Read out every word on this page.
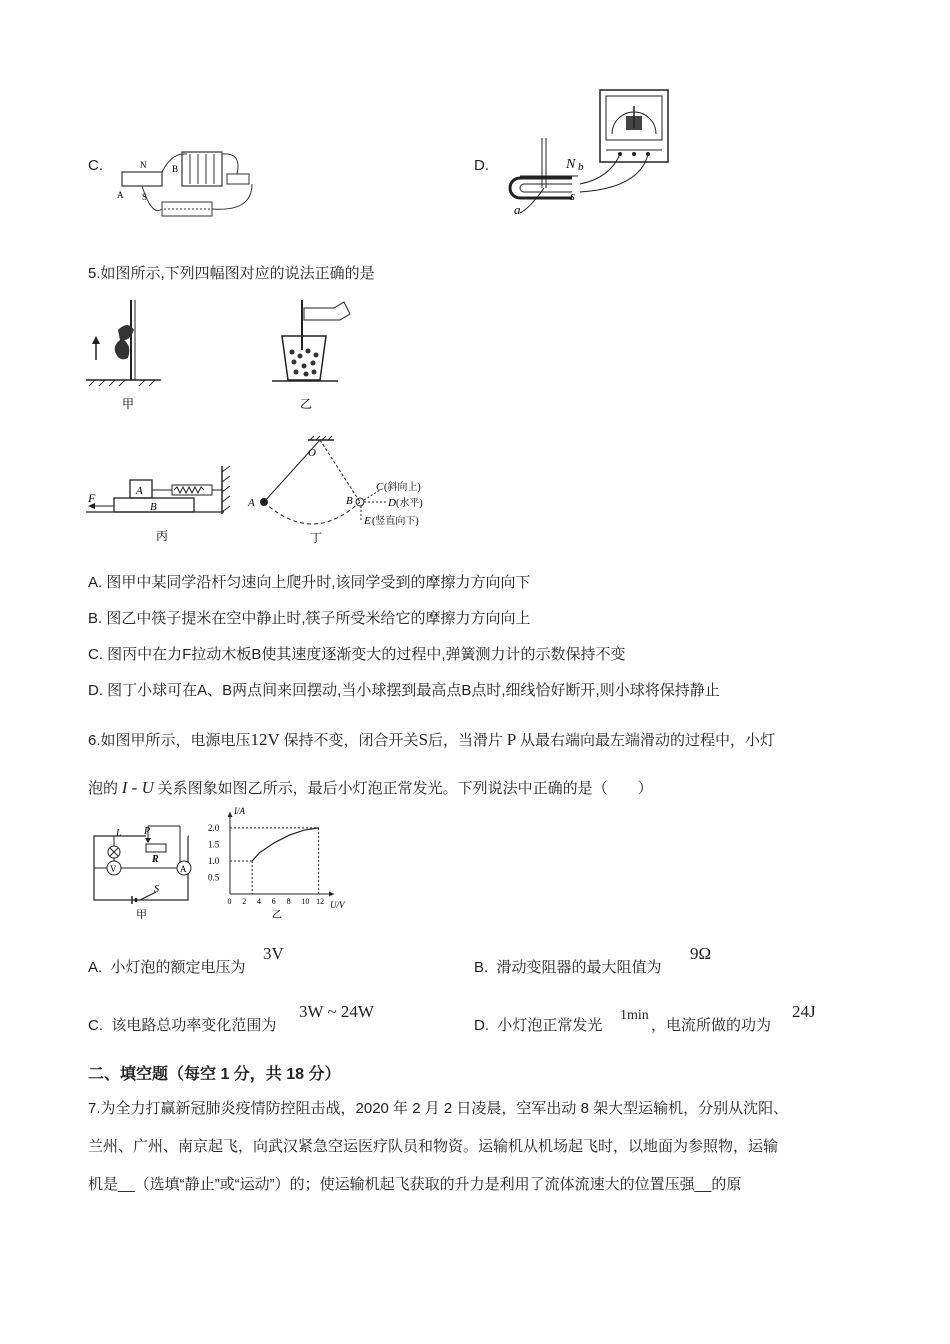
C.	N
S
B
A
D.	N b
a
s
5.如图所示,下列四幅图对应的说法正确的是
甲	乙
F	A
B
丙
O
A	B
C (斜向上)
D (水平)
E (竖直向下)
丁
A. 图甲中某同学沿杆匀速向上爬升时,该同学受到的摩擦力方向向下
B. 图乙中筷子提米在空中静止时,筷子所受米给它的摩擦力方向向上
C. 图丙中在力F拉动木板B使其速度逐渐变大的过程中,弹簧测力计的示数保持不变
D. 图丁小球可在A、B两点间来回摆动,当小球摆到最高点B点时,细线恰好断开,则小球将保持静止
6.如图甲所示，电源电压12V 保持不变，闭合开关S后，当滑片 P 从最右端向最左端滑动的过程中，小灯
泡的 I - U 关系图象如图乙所示，最后小灯泡正常发光。下列说法中正确的是（　　）
L P
R
V	A
S
甲
I/A
U/V
0 2 4 6 8 10 12
0.5
1.0
1.5
2.0
乙
A. 小灯泡的额定电压为
3V
B. 滑动变阻器的最大阻值为
9Ω
C. 该电路总功率变化范围为
3W ~ 24W
D. 小灯泡正常发光
1min
，电流所做的功为
24J
二、填空题（每空 1 分，共 18 分）
7.为全力打赢新冠肺炎疫情防控阻击战，2020 年 2 月 2 日凌晨，空军出动 8 架大型运输机，分别从沈阳、
兰州、广州、南京起飞，向武汉紧急空运医疗队员和物资。运输机从机场起飞时，以地面为参照物，运输
机是__（选填“静止”或“运动”）的；使运输机起飞获取的升力是利用了流体流速大的位置压强__的原
